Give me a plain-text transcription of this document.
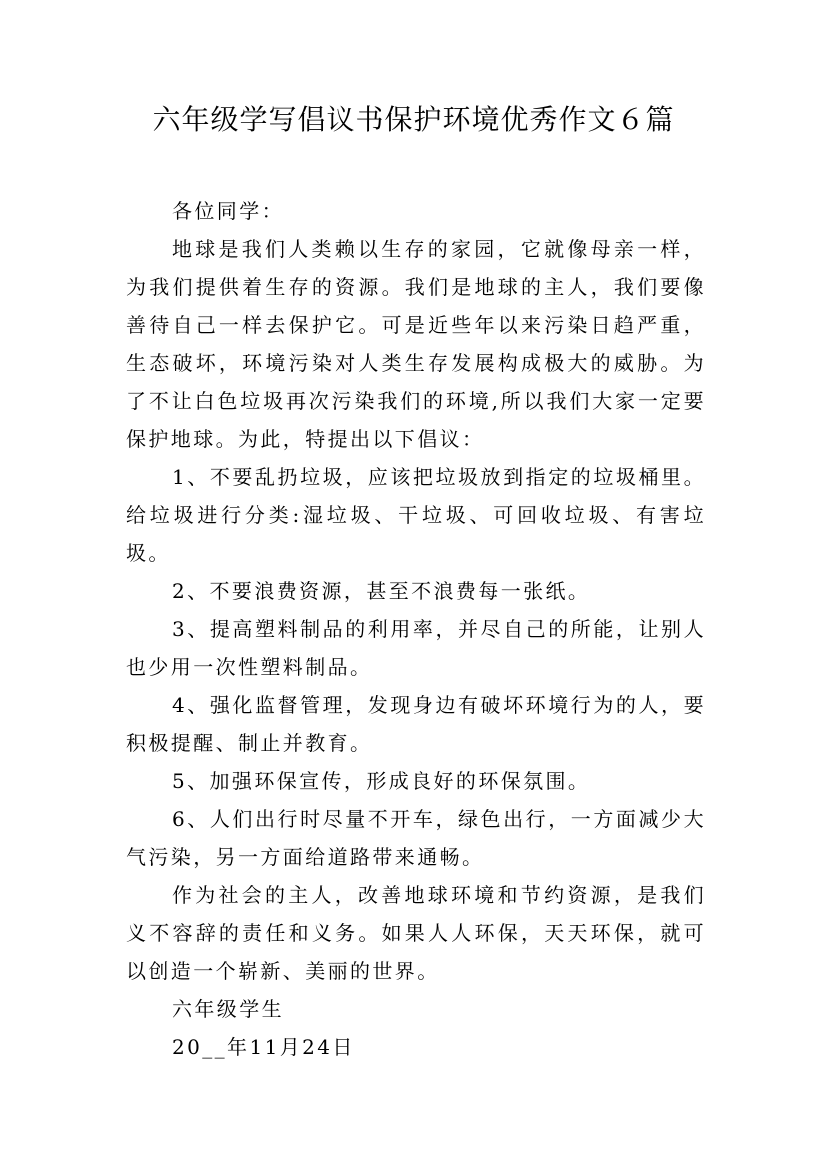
六年级学写倡议书保护环境优秀作文６篇

各位同学：

地球是我们人类赖以生存的家园，它就像母亲一样，为我们提供着生存的资源。我们是地球的主人，我们要像善待自己一样去保护它。可是近些年以来污染日趋严重，生态破坏，环境污染对人类生存发展构成极大的威胁。为了不让白色垃圾再次污染我们的环境,所以我们大家一定要保护地球。为此，特提出以下倡议：

1、不要乱扔垃圾，应该把垃圾放到指定的垃圾桶里。给垃圾进行分类:湿垃圾、干垃圾、可回收垃圾、有害垃圾。

2、不要浪费资源，甚至不浪费每一张纸。

3、提高塑料制品的利用率，并尽自己的所能，让别人也少用一次性塑料制品。

4、强化监督管理，发现身边有破坏环境行为的人，要积极提醒、制止并教育。

5、加强环保宣传，形成良好的环保氛围。

6、人们出行时尽量不开车，绿色出行，一方面减少大气污染，另一方面给道路带来通畅。

作为社会的主人，改善地球环境和节约资源，是我们义不容辞的责任和义务。如果人人环保，天天环保，就可以创造一个崭新、美丽的世界。

六年级学生

20__年11月24日
